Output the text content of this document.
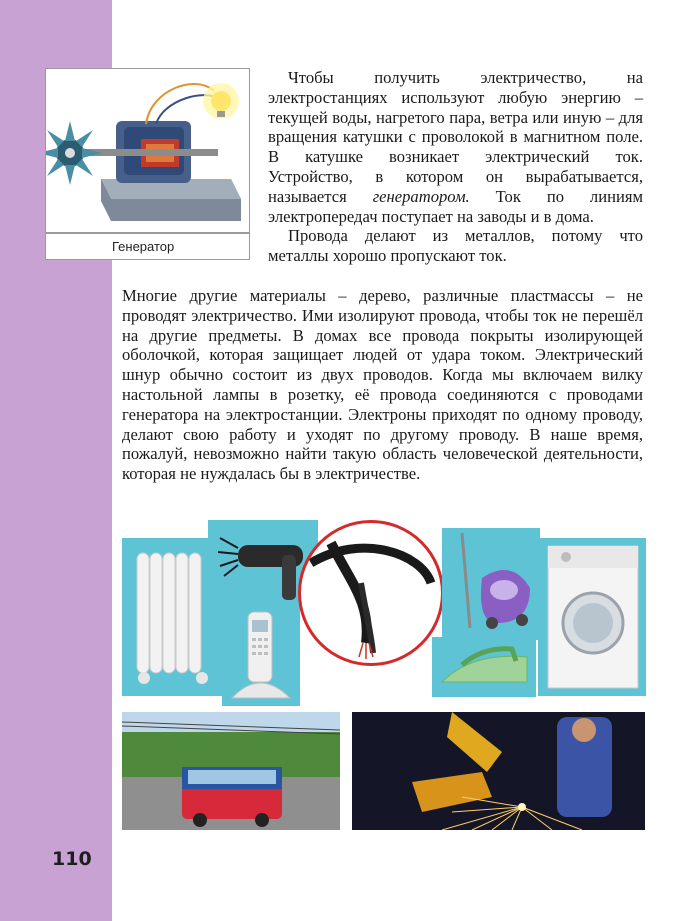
Генератор

Чтобы получить электричество, на электростанциях используют любую энергию – текущей воды, нагретого пара, ветра или иную – для вращения катушки с проволокой в магнитном поле. В катушке возникает электрический ток. Устройство, в котором он вырабатывается, называется генератором. Ток по линиям электропередач поступает на заводы и в дома.

Провода делают из металлов, потому что металлы хорошо пропускают ток.

Многие другие материалы – дерево, различные пластмассы – не проводят электричество. Ими изолируют провода, чтобы ток не перешёл на другие предметы. В домах все провода покрыты изолирующей оболочкой, которая защищает людей от удара током. Электрический шнур обычно состоит из двух проводов. Когда мы включаем вилку настольной лампы в розетку, её провода соединяются с проводами генератора на электростанции. Электроны приходят по одному проводу, делают свою работу и уходят по другому проводу. В наше время, пожалуй, невозможно найти такую область человеческой деятельности, которая не нуждалась бы в электричестве.

110
